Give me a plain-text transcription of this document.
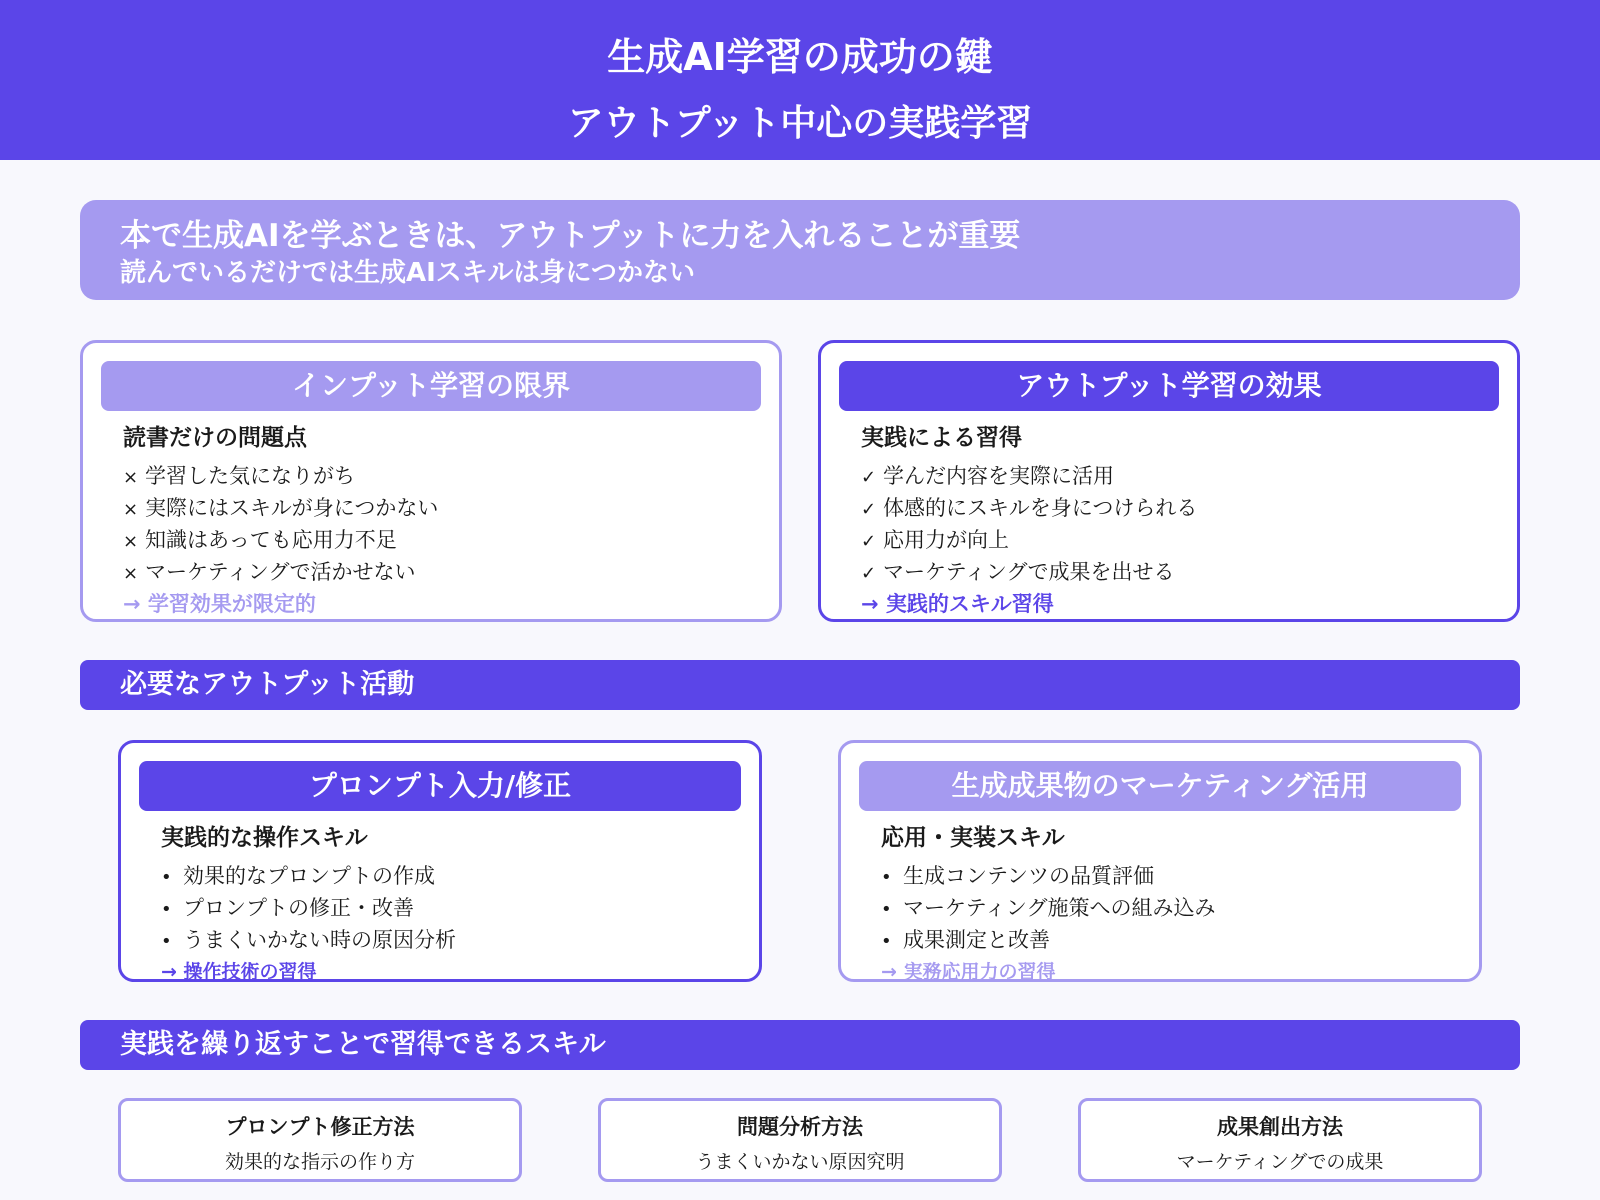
生成AI学習の成功の鍵
アウトプット中心の実践学習
本で生成AIを学ぶときは、アウトプットに力を入れることが重要
読んでいるだけでは生成AIスキルは身につかない
インプット学習の限界
読書だけの問題点
× 学習した気になりがち
× 実際にはスキルが身につかない
× 知識はあっても応用力不足
× マーケティングで活かせない
→ 学習効果が限定的
アウトプット学習の効果
実践による習得
✓ 学んだ内容を実際に活用
✓ 体感的にスキルを身につけられる
✓ 応用力が向上
✓ マーケティングで成果を出せる
→ 実践的スキル習得
必要なアウトプット活動
プロンプト入力/修正
実践的な操作スキル
• 効果的なプロンプトの作成
• プロンプトの修正・改善
• うまくいかない時の原因分析
→ 操作技術の習得
生成成果物のマーケティング活用
応用・実装スキル
• 生成コンテンツの品質評価
• マーケティング施策への組み込み
• 成果測定と改善
→ 実務応用力の習得
実践を繰り返すことで習得できるスキル
プロンプト修正方法
効果的な指示の作り方
問題分析方法
うまくいかない原因究明
成果創出方法
マーケティングでの成果
